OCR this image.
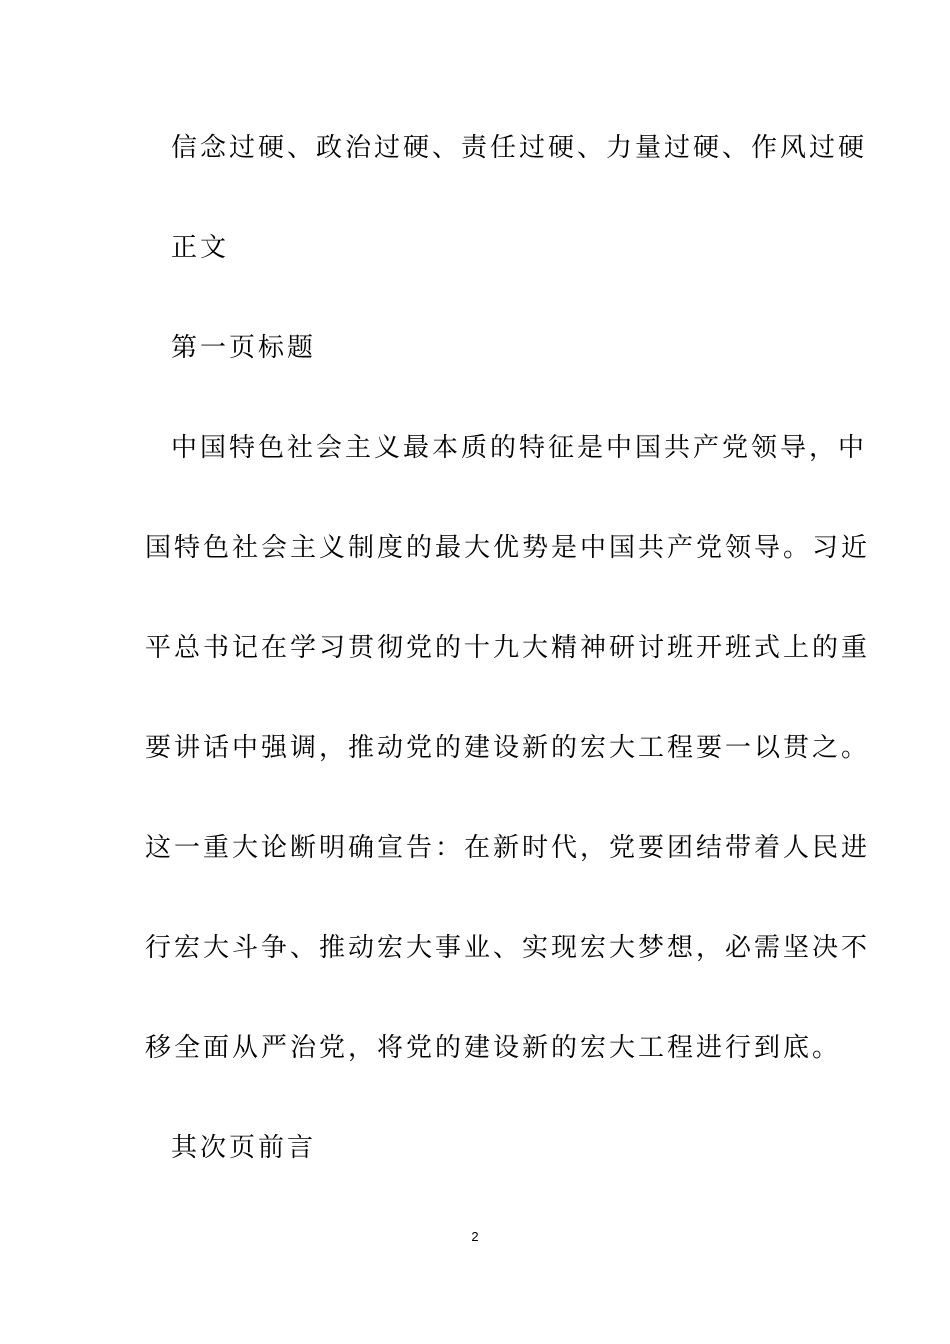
信念过硬、政治过硬、责任过硬、力量过硬、作风过硬
正文
第一页标题
中国特色社会主义最本质的特征是中国共产党领导，中
国特色社会主义制度的最大优势是中国共产党领导。习近
平总书记在学习贯彻党的十九大精神研讨班开班式上的重
要讲话中强调，推动党的建设新的宏大工程要一以贯之。
这一重大论断明确宣告：在新时代，党要团结带着人民进
行宏大斗争、推动宏大事业、实现宏大梦想，必需坚决不
移全面从严治党，将党的建设新的宏大工程进行到底。
其次页前言
2
